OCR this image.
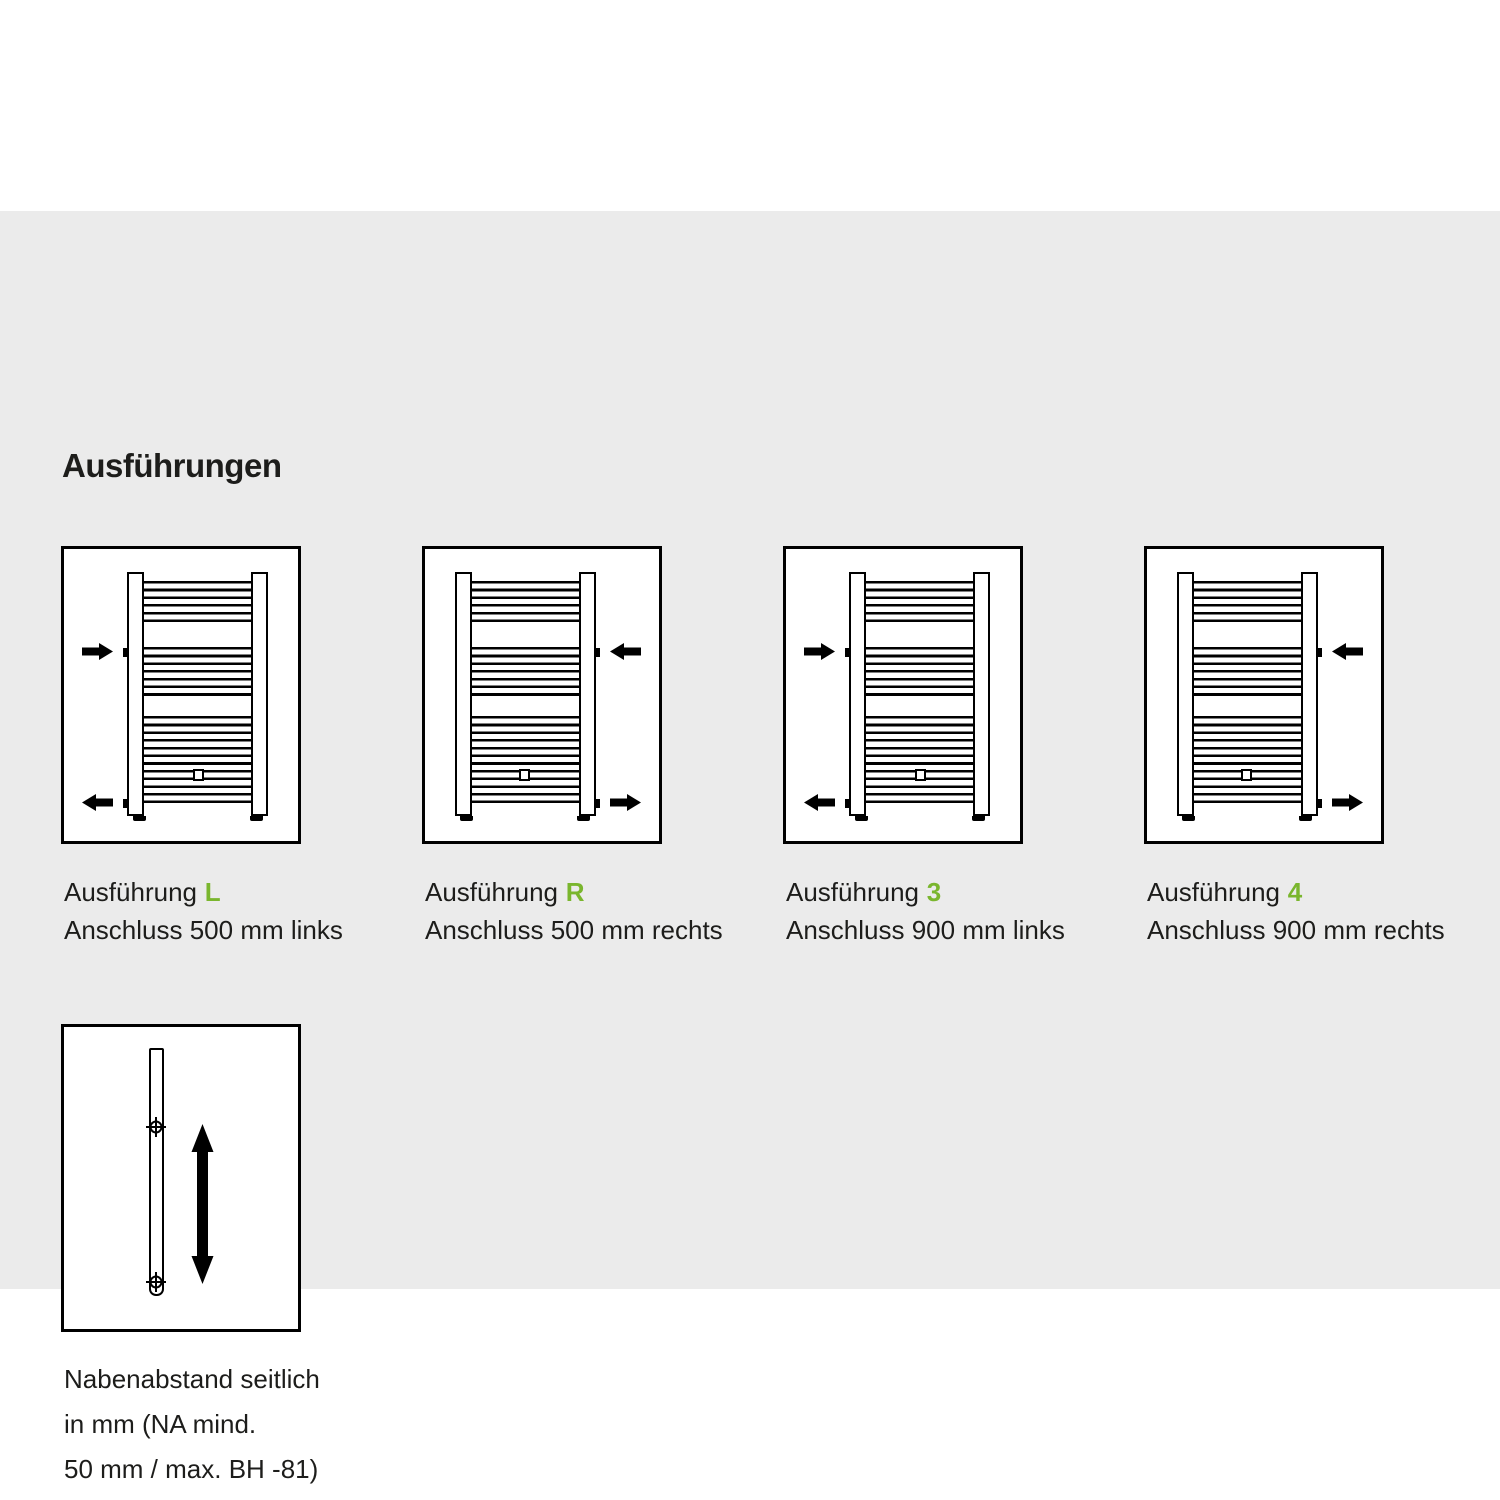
Ausführungen
Ausführung L
Anschluss 500 mm links
Ausführung R
Anschluss 500 mm rechts
Ausführung 3
Anschluss 900 mm links
Ausführung 4
Anschluss 900 mm rechts
Nabenabstand seitlich
in mm (NA mind.
50 mm / max. BH -81)
